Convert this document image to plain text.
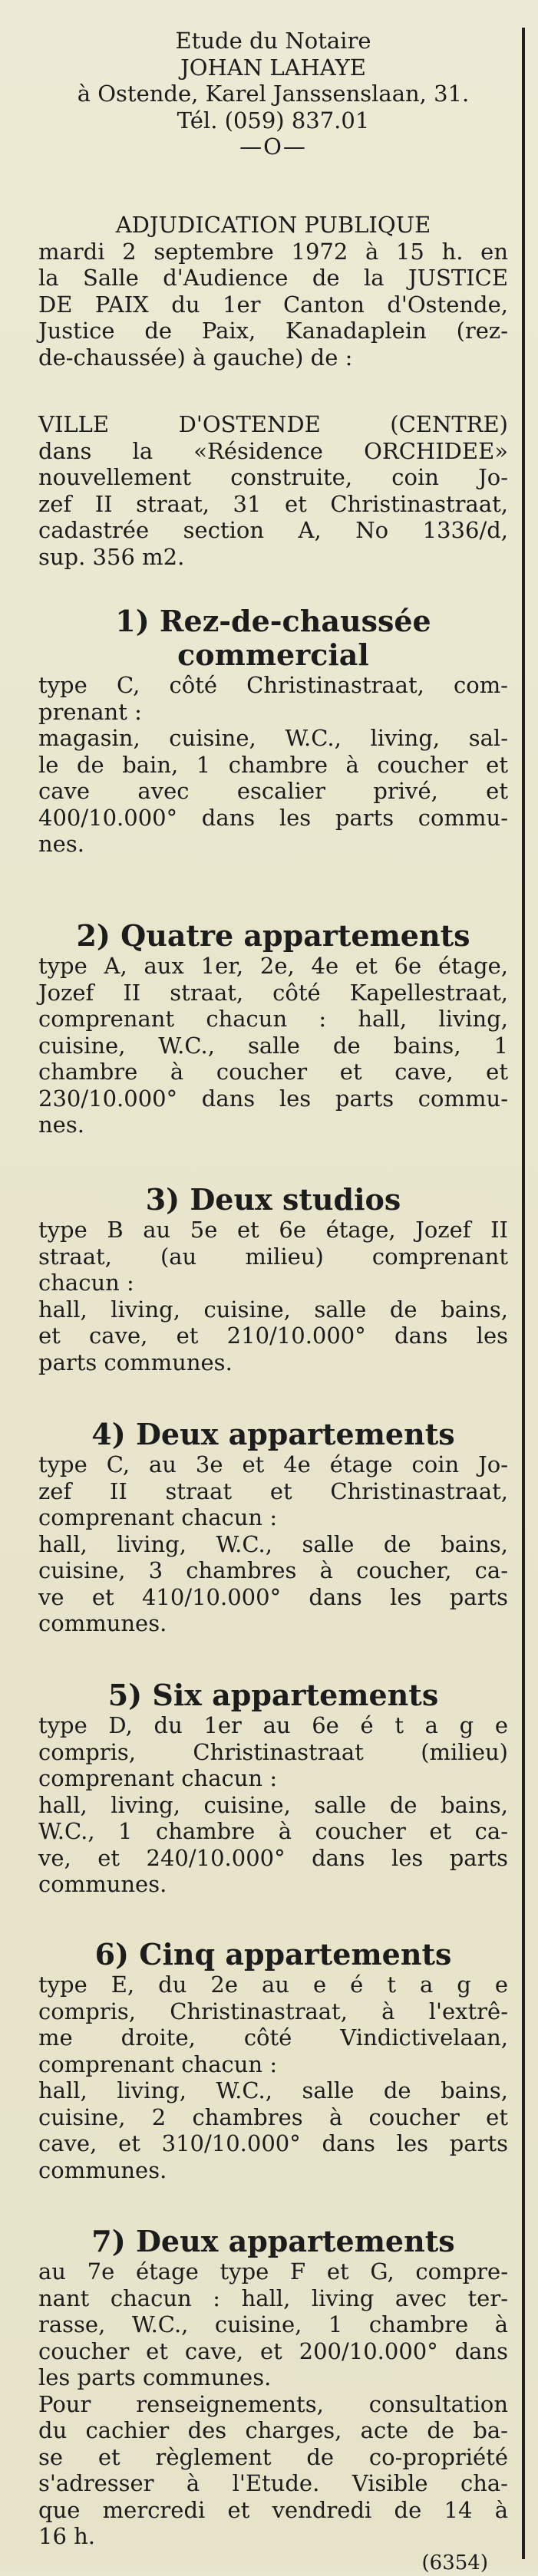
Etude du Notaire
JOHAN LAHAYE
à Ostende, Karel Janssenslaan, 31.
Tél. (059) 837.01
—O—
ADJUDICATION PUBLIQUE
mardi 2 septembre 1972 à 15 h. en
la Salle d'Audience de la JUSTICE
DE PAIX du 1er Canton d'Ostende,
Justice de Paix, Kanadaplein (rez-
de-chaussée) à gauche) de :
VILLE D'OSTENDE (CENTRE)
dans la «Résidence ORCHIDEE»
nouvellement construite, coin Jo-
zef II straat, 31 et Christinastraat,
cadastrée section A, No 1336/d,
sup. 356 m2.
1) Rez-de-chaussée
commercial
type C, côté Christinastraat, com-
prenant :
magasin, cuisine, W.C., living, sal-
le de bain, 1 chambre à coucher et
cave avec escalier privé, et
400/10.000° dans les parts commu-
nes.
2) Quatre appartements
type A, aux 1er, 2e, 4e et 6e étage,
Jozef II straat, côté Kapellestraat,
comprenant chacun : hall, living,
cuisine, W.C., salle de bains, 1
chambre à coucher et cave, et
230/10.000° dans les parts commu-
nes.
3) Deux studios
type B au 5e et 6e étage, Jozef II
straat, (au milieu) comprenant
chacun :
hall, living, cuisine, salle de bains,
et cave, et 210/10.000° dans les
parts communes.
4) Deux appartements
type C, au 3e et 4e étage coin Jo-
zef II straat et Christinastraat,
comprenant chacun :
hall, living, W.C., salle de bains,
cuisine, 3 chambres à coucher, ca-
ve et 410/10.000° dans les parts
communes.
5) Six appartements
type D, du 1er au 6e é t a g e
compris, Christinastraat (milieu)
comprenant chacun :
hall, living, cuisine, salle de bains,
W.C., 1 chambre à coucher et ca-
ve, et 240/10.000° dans les parts
communes.
6) Cinq appartements
type E, du 2e au e é t a g e
compris, Christinastraat, à l'extrê-
me droite, côté Vindictivelaan,
comprenant chacun :
hall, living, W.C., salle de bains,
cuisine, 2 chambres à coucher et
cave, et 310/10.000° dans les parts
communes.
7) Deux appartements
au 7e étage type F et G, compre-
nant chacun : hall, living avec ter-
rasse, W.C., cuisine, 1 chambre à
coucher et cave, et 200/10.000° dans
les parts communes.
Pour renseignements, consultation
du cachier des charges, acte de ba-
se et règlement de co-propriété
s'adresser à l'Etude. Visible cha-
que mercredi et vendredi de 14 à
16 h.
(6354)
